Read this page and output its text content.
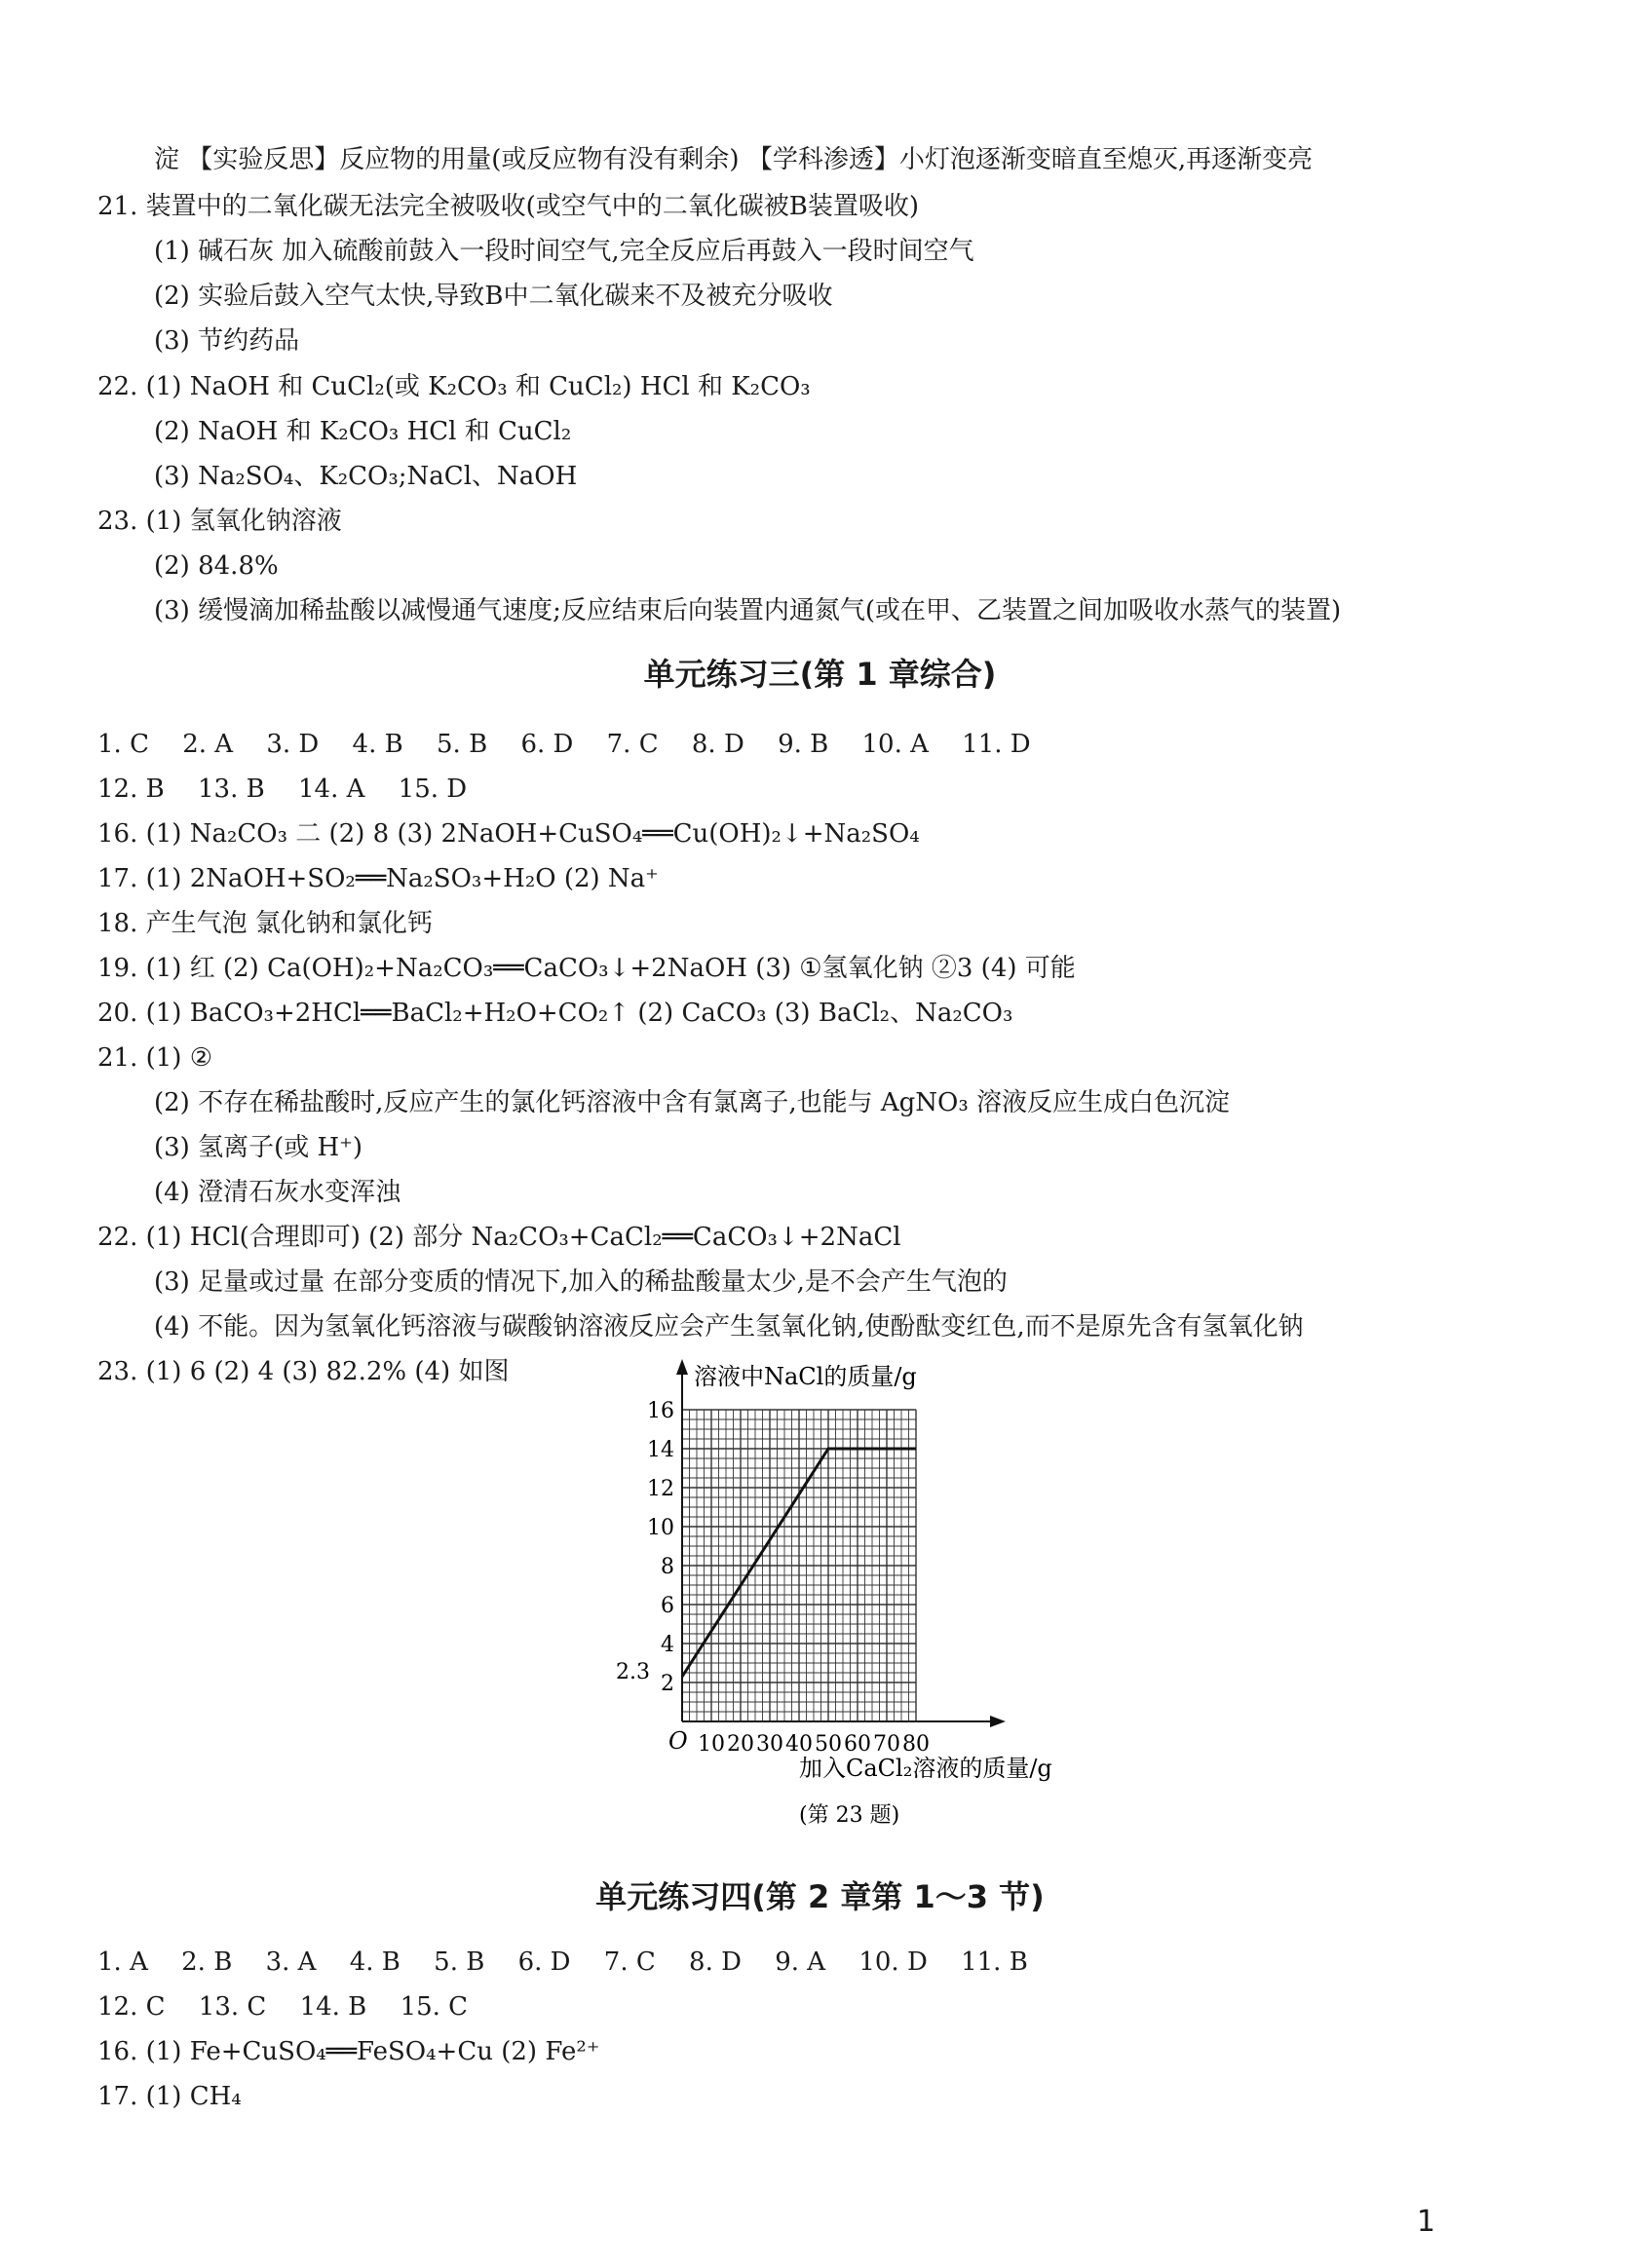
淀 【实验反思】反应物的用量(或反应物有没有剩余) 【学科渗透】小灯泡逐渐变暗直至熄灭,再逐渐变亮
21. 装置中的二氧化碳无法完全被吸收(或空气中的二氧化碳被B装置吸收)
(1) 碱石灰 加入硫酸前鼓入一段时间空气,完全反应后再鼓入一段时间空气
(2) 实验后鼓入空气太快,导致B中二氧化碳来不及被充分吸收
(3) 节约药品
22. (1) NaOH 和 CuCl₂(或 K₂CO₃ 和 CuCl₂) HCl 和 K₂CO₃
(2) NaOH 和 K₂CO₃ HCl 和 CuCl₂
(3) Na₂SO₄、K₂CO₃;NaCl、NaOH
23. (1) 氢氧化钠溶液
(2) 84.8%
(3) 缓慢滴加稀盐酸以减慢通气速度;反应结束后向装置内通氮气(或在甲、乙装置之间加吸收水蒸气的装置)
单元练习三(第 1 章综合)
1. C 2. A 3. D 4. B 5. B 6. D 7. C 8. D 9. B 10. A 11. D
12. B 13. B 14. A 15. D
16. (1) Na₂CO₃ 二 (2) 8 (3) 2NaOH+CuSO₄══Cu(OH)₂↓+Na₂SO₄
17. (1) 2NaOH+SO₂══Na₂SO₃+H₂O (2) Na⁺
18. 产生气泡 氯化钠和氯化钙
19. (1) 红 (2) Ca(OH)₂+Na₂CO₃══CaCO₃↓+2NaOH (3) ①氢氧化钠 ②3 (4) 可能
20. (1) BaCO₃+2HCl══BaCl₂+H₂O+CO₂↑ (2) CaCO₃ (3) BaCl₂、Na₂CO₃
21. (1) ②
(2) 不存在稀盐酸时,反应产生的氯化钙溶液中含有氯离子,也能与 AgNO₃ 溶液反应生成白色沉淀
(3) 氢离子(或 H⁺)
(4) 澄清石灰水变浑浊
22. (1) HCl(合理即可) (2) 部分 Na₂CO₃+CaCl₂══CaCO₃↓+2NaCl
(3) 足量或过量 在部分变质的情况下,加入的稀盐酸量太少,是不会产生气泡的
(4) 不能。因为氢氧化钙溶液与碳酸钠溶液反应会产生氢氧化钠,使酚酞变红色,而不是原先含有氢氧化钠
23. (1) 6 (2) 4 (3) 82.2% (4) 如图
10 20 30 40 50 60 70 80
2
4
6
8
10
12
14
16
溶液中NaCl的质量/g
加入CaCl₂溶液的质量/g
O
(第 23 题)
2.3
单元练习四(第 2 章第 1～3 节)
1. A 2. B 3. A 4. B 5. B 6. D 7. C 8. D 9. A 10. D 11. B
12. C 13. C 14. B 15. C
16. (1) Fe+CuSO₄══FeSO₄+Cu (2) Fe²⁺
17. (1) CH₄
1
